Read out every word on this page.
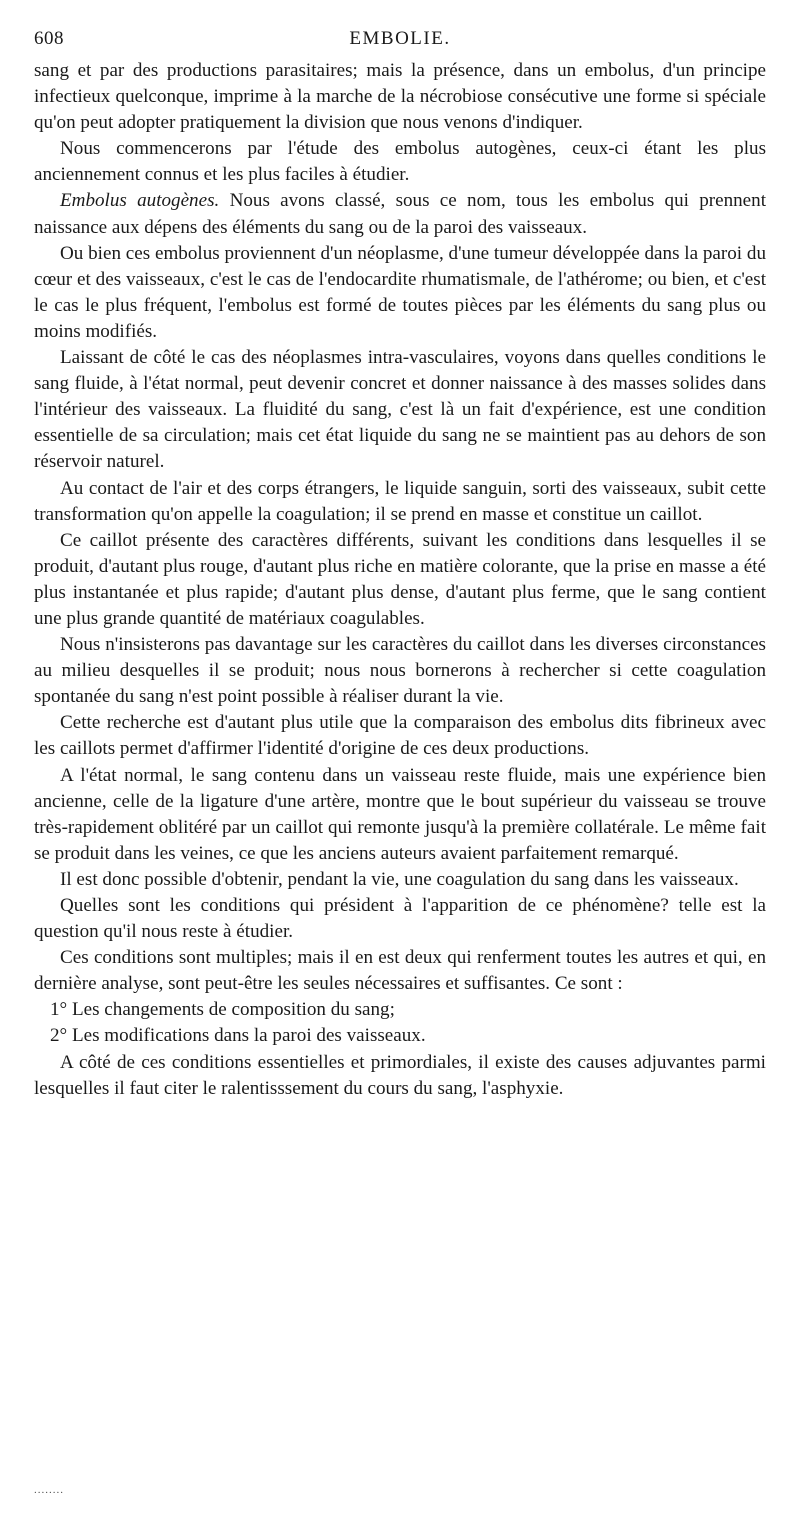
608	EMBOLIE.

sang et par des productions parasitaires; mais la présence, dans un embolus, d'un principe infectieux quelconque, imprime à la marche de la nécrobiose consécutive une forme si spéciale qu'on peut adopter pratiquement la division que nous venons d'indiquer.

Nous commencerons par l'étude des embolus autogènes, ceux-ci étant les plus anciennement connus et les plus faciles à étudier.

Embolus autogènes. Nous avons classé, sous ce nom, tous les embolus qui prennent naissance aux dépens des éléments du sang ou de la paroi des vaisseaux.

Ou bien ces embolus proviennent d'un néoplasme, d'une tumeur développée dans la paroi du cœur et des vaisseaux, c'est le cas de l'endocardite rhumatismale, de l'athérome; ou bien, et c'est le cas le plus fréquent, l'embolus est formé de toutes pièces par les éléments du sang plus ou moins modifiés.

Laissant de côté le cas des néoplasmes intra-vasculaires, voyons dans quelles conditions le sang fluide, à l'état normal, peut devenir concret et donner naissance à des masses solides dans l'intérieur des vaisseaux. La fluidité du sang, c'est là un fait d'expérience, est une condition essentielle de sa circulation; mais cet état liquide du sang ne se maintient pas au dehors de son réservoir naturel.

Au contact de l'air et des corps étrangers, le liquide sanguin, sorti des vaisseaux, subit cette transformation qu'on appelle la coagulation; il se prend en masse et constitue un caillot.

Ce caillot présente des caractères différents, suivant les conditions dans lesquelles il se produit, d'autant plus rouge, d'autant plus riche en matière colorante, que la prise en masse a été plus instantanée et plus rapide; d'autant plus dense, d'autant plus ferme, que le sang contient une plus grande quantité de matériaux coagulables.

Nous n'insisterons pas davantage sur les caractères du caillot dans les diverses circonstances au milieu desquelles il se produit; nous nous bornerons à rechercher si cette coagulation spontanée du sang n'est point possible à réaliser durant la vie.

Cette recherche est d'autant plus utile que la comparaison des embolus dits fibrineux avec les caillots permet d'affirmer l'identité d'origine de ces deux productions.

A l'état normal, le sang contenu dans un vaisseau reste fluide, mais une expérience bien ancienne, celle de la ligature d'une artère, montre que le bout supérieur du vaisseau se trouve très-rapidement oblitéré par un caillot qui remonte jusqu'à la première collatérale. Le même fait se produit dans les veines, ce que les anciens auteurs avaient parfaitement remarqué.

Il est donc possible d'obtenir, pendant la vie, une coagulation du sang dans les vaisseaux.

Quelles sont les conditions qui président à l'apparition de ce phénomène? telle est la question qu'il nous reste à étudier.

Ces conditions sont multiples; mais il en est deux qui renferment toutes les autres et qui, en dernière analyse, sont peut-être les seules nécessaires et suffisantes. Ce sont :

1° Les changements de composition du sang;

2° Les modifications dans la paroi des vaisseaux.

A côté de ces conditions essentielles et primordiales, il existe des causes adjuvantes parmi lesquelles il faut citer le ralentisssement du cours du sang, l'asphyxie.

........
